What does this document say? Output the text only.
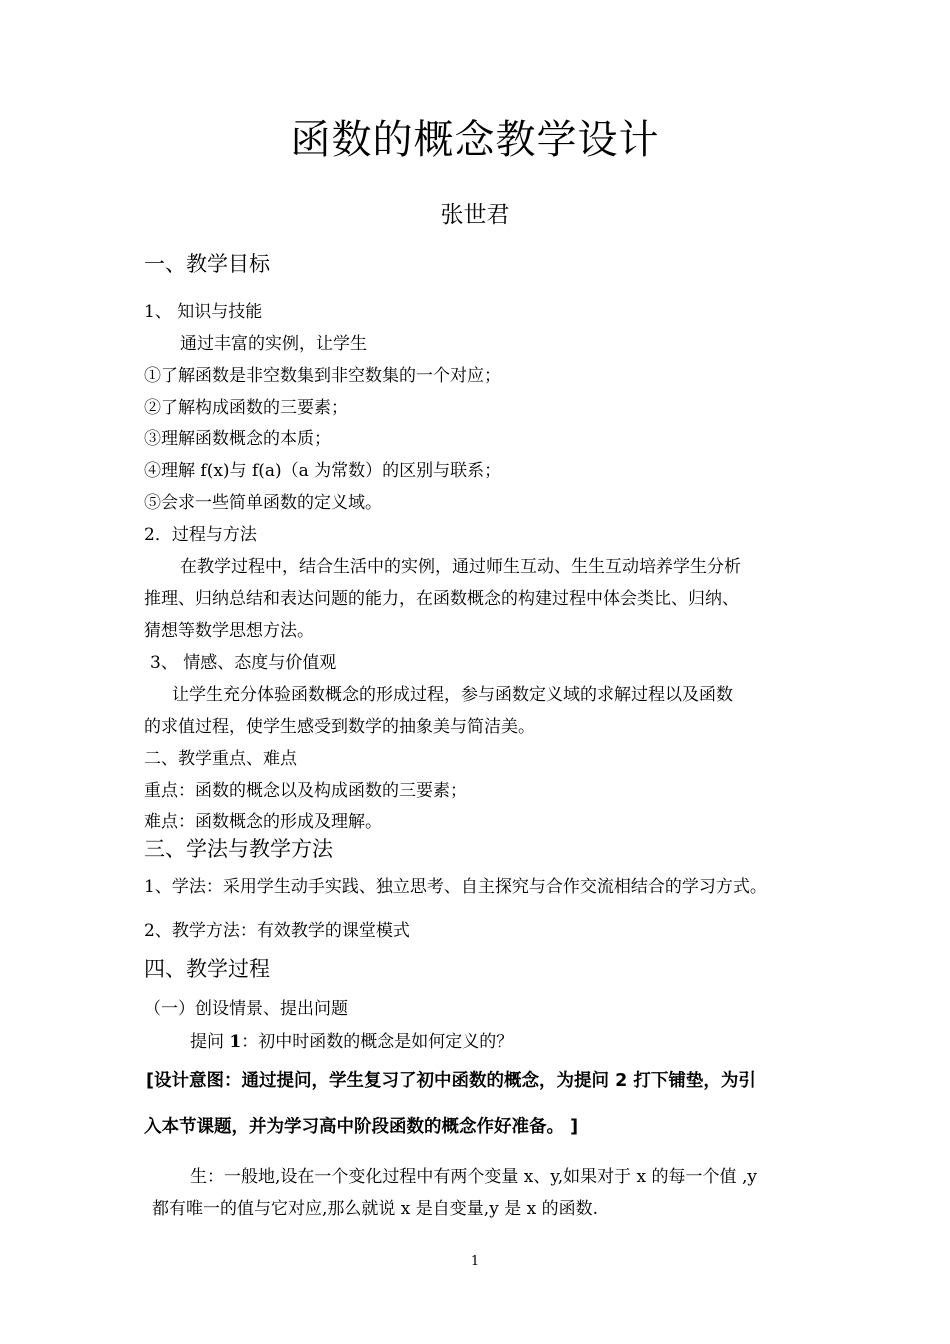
函数的概念教学设计
张世君
一、教学目标
1、 知识与技能
通过丰富的实例，让学生
①了解函数是非空数集到非空数集的一个对应；
②了解构成函数的三要素；
③理解函数概念的本质；
④理解 f(x)与 f(a)（a 为常数）的区别与联系；
⑤会求一些简单函数的定义域。
2．过程与方法
在教学过程中，结合生活中的实例，通过师生互动、生生互动培养学生分析
推理、归纳总结和表达问题的能力，在函数概念的构建过程中体会类比、归纳、
猜想等数学思想方法。
3、 情感、态度与价值观
让学生充分体验函数概念的形成过程，参与函数定义域的求解过程以及函数
的求值过程，使学生感受到数学的抽象美与简洁美。
二、教学重点、难点
重点：函数的概念以及构成函数的三要素；
难点：函数概念的形成及理解。
三、学法与教学方法
1、学法：采用学生动手实践、独立思考、自主探究与合作交流相结合的学习方式。
2、教学方法：有效教学的课堂模式
四、教学过程
（一）创设情景、提出问题
提问 1：初中时函数的概念是如何定义的？
[设计意图：通过提问，学生复习了初中函数的概念，为提问 2 打下铺垫，为引
入本节课题，并为学习高中阶段函数的概念作好准备。 ]
生：一般地,设在一个变化过程中有两个变量 x、y,如果对于 x 的每一个值 ,y
都有唯一的值与它对应,那么就说 x 是自变量,y 是 x 的函数.
1
